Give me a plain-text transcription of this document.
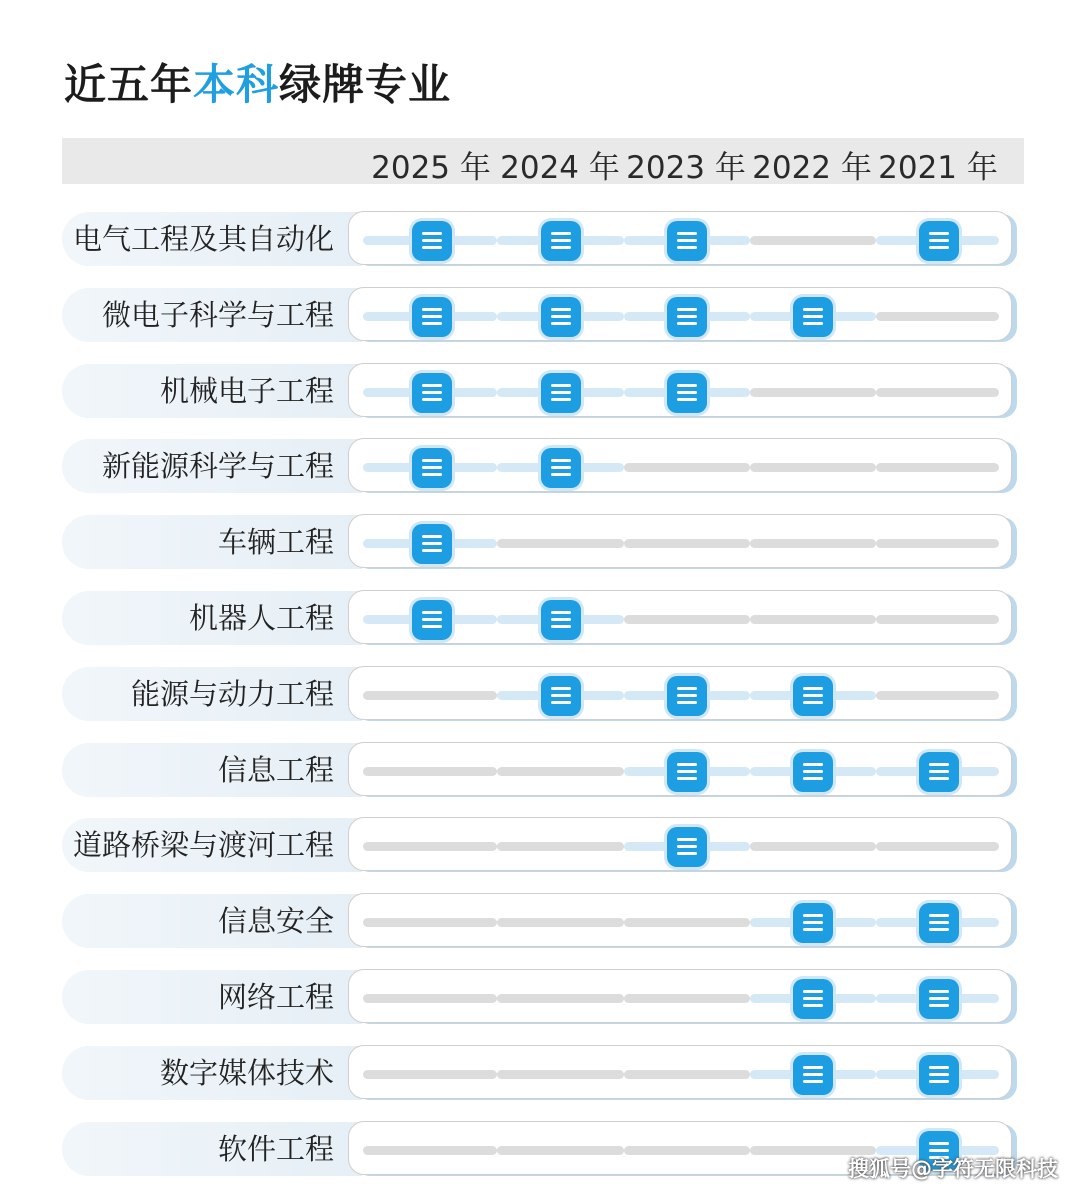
近五年本科绿牌专业
2025 年 2024 年 2023 年 2022 年 2021 年
电气工程及其自动化
微电子科学与工程
机械电子工程
新能源科学与工程
车辆工程
机器人工程
能源与动力工程
信息工程
道路桥梁与渡河工程
信息安全
网络工程
数字媒体技术
软件工程
搜狐号@字符无限科技
